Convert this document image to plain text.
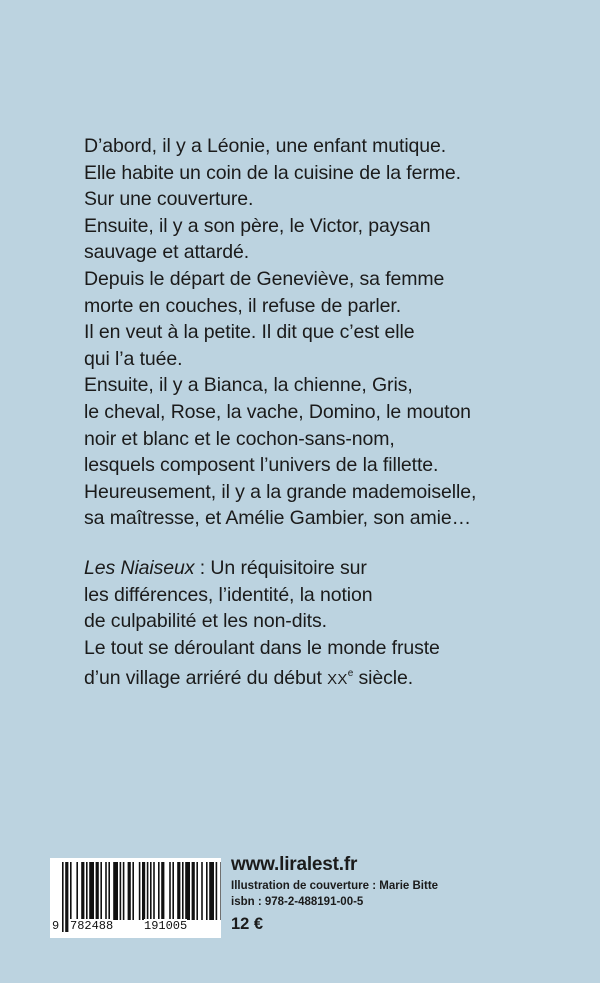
D’abord, il y a Léonie, une enfant mutique.
Elle habite un coin de la cuisine de la ferme.
Sur une couverture.
Ensuite, il y a son père, le Victor, paysan
sauvage et attardé.
Depuis le départ de Geneviève, sa femme
morte en couches, il refuse de parler.
Il en veut à la petite. Il dit que c’est elle
qui l’a tuée.
Ensuite, il y a Bianca, la chienne, Gris,
le cheval, Rose, la vache, Domino, le mouton
noir et blanc et le cochon-sans-nom,
lesquels composent l’univers de la fillette.
Heureusement, il y a la grande mademoiselle,
sa maîtresse, et Amélie Gambier, son amie…
Les Niaiseux : Un réquisitoire sur
les différences, l’identité, la notion
de culpabilité et les non-dits.
Le tout se déroulant dans le monde fruste
d’un village arriéré du début XXe siècle.
9 782488	191005
www.liralest.fr
Illustration de couverture : Marie Bitte
isbn : 978-2-488191-00-5
12 €
